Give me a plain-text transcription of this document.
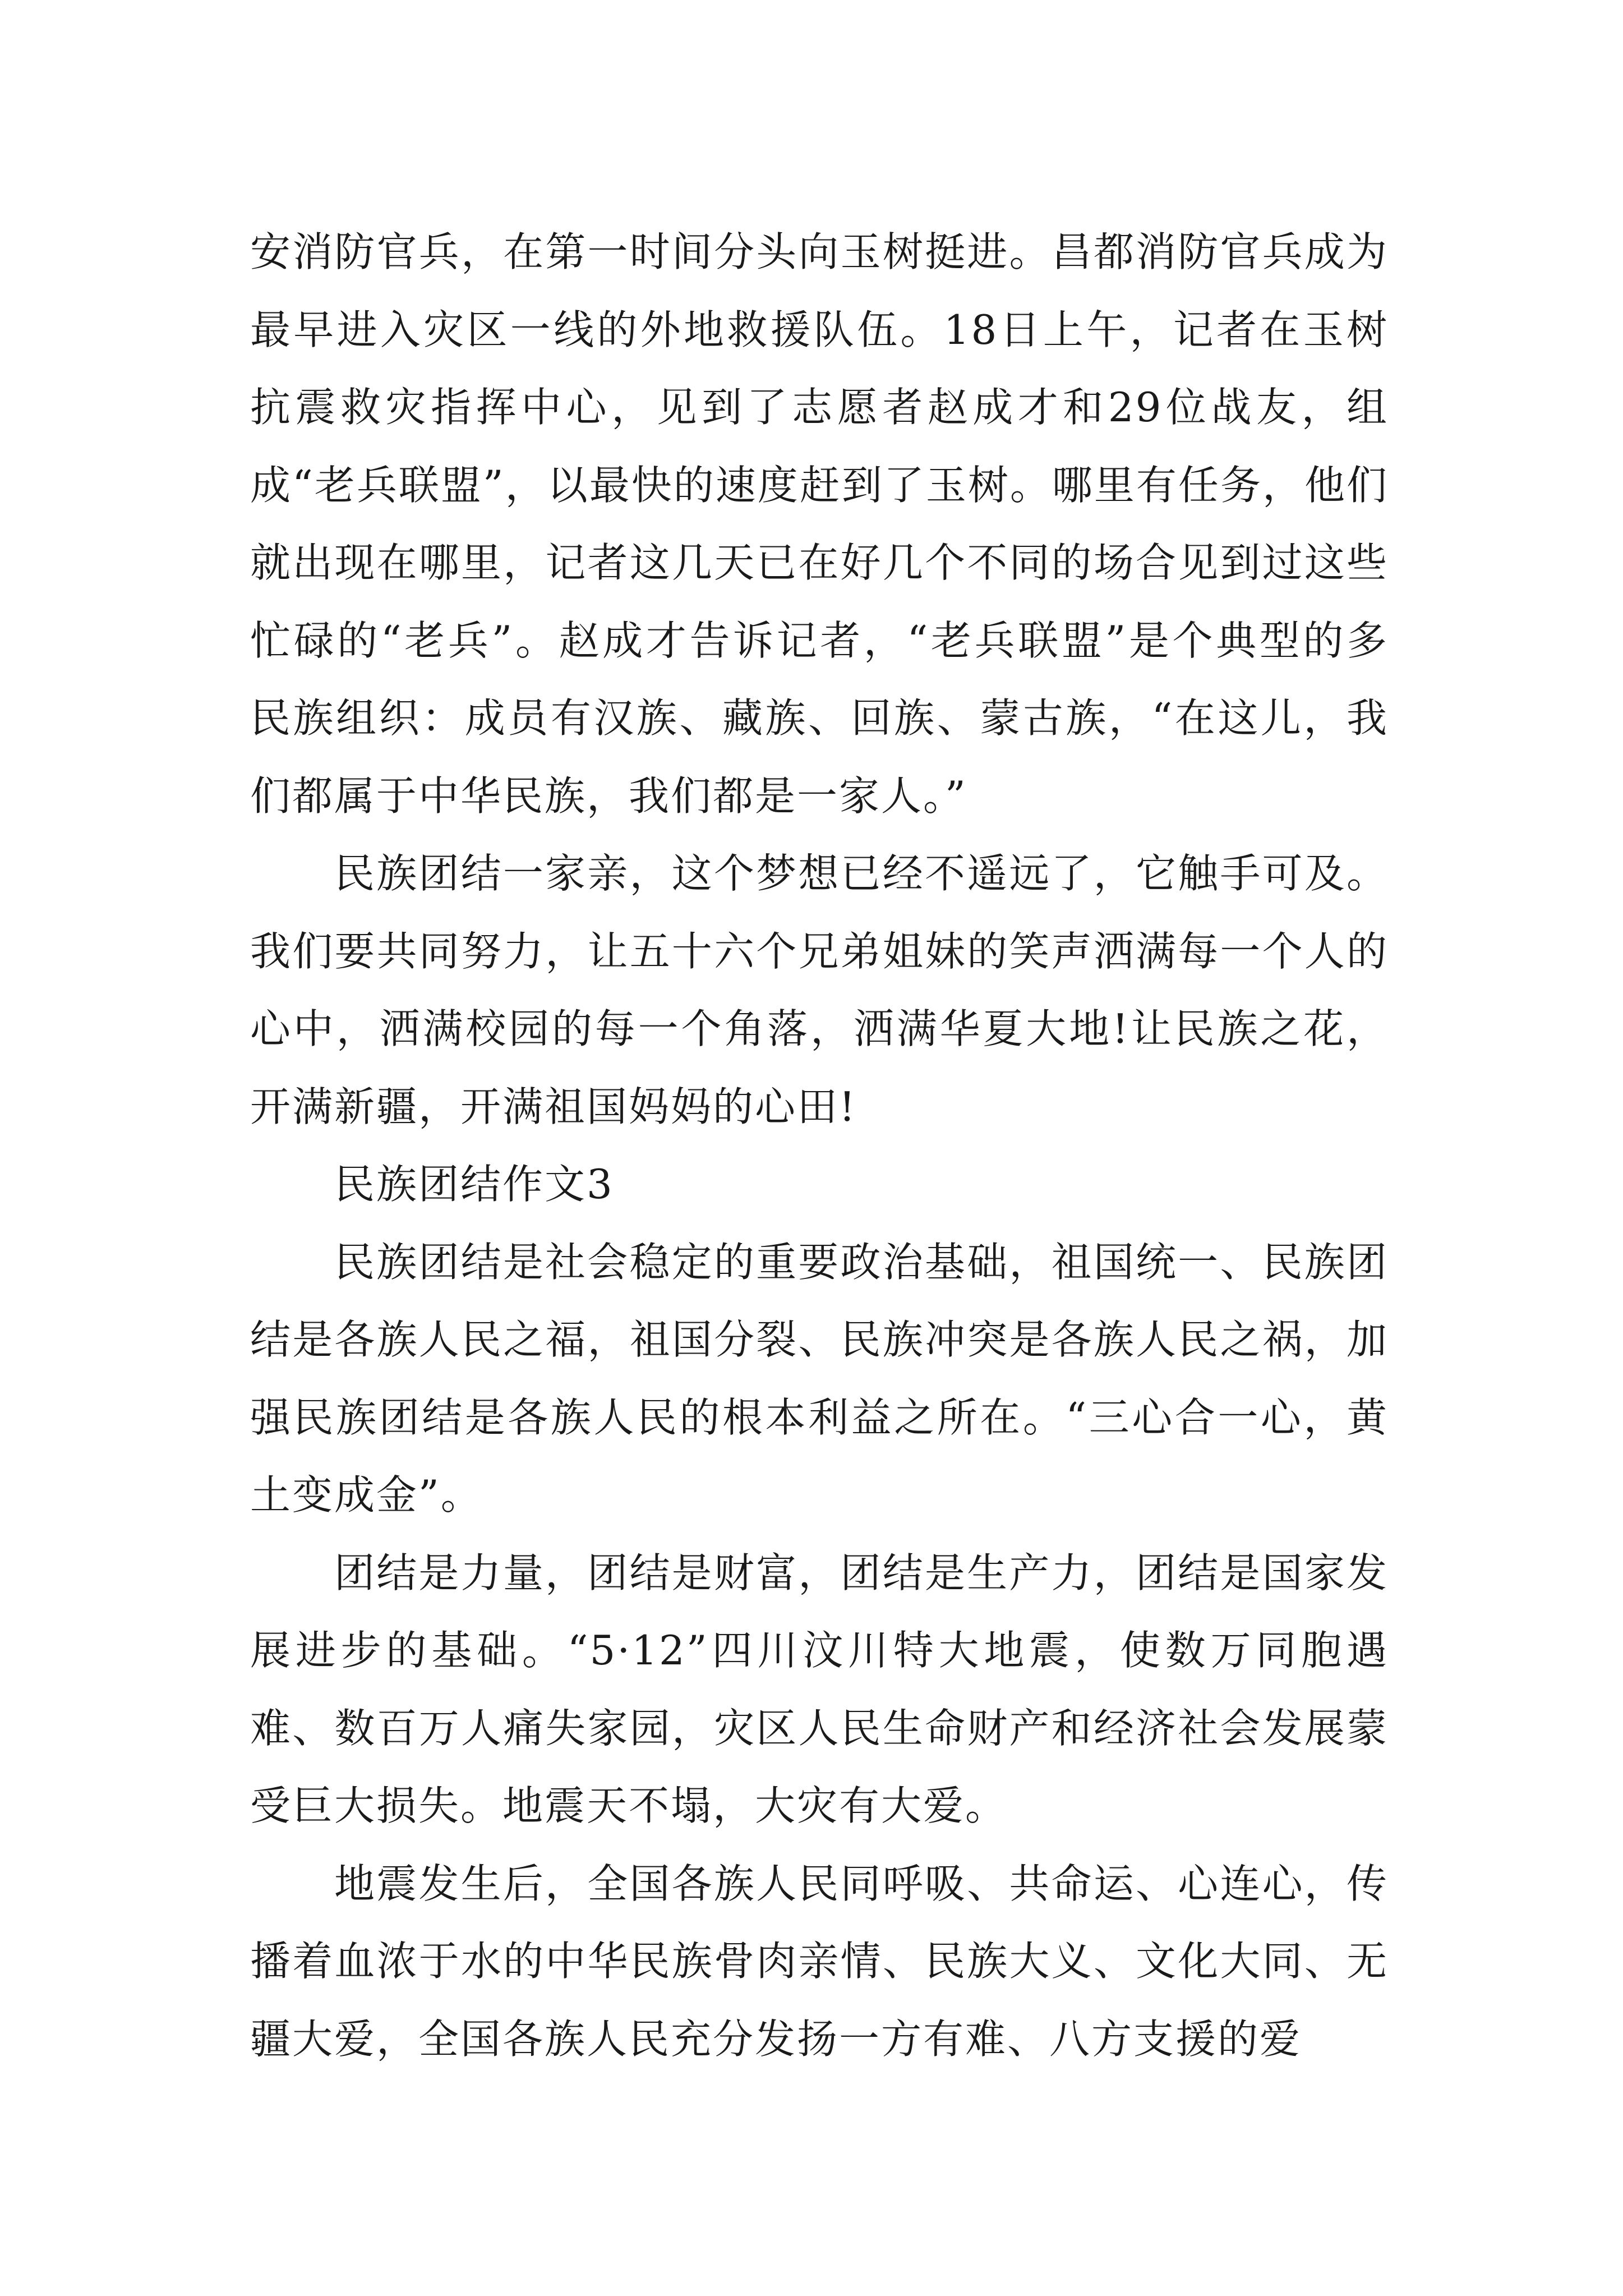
安消防官兵，在第一时间分头向玉树挺进。昌都消防官兵成为最早进入灾区一线的外地救援队伍。18日上午，记者在玉树抗震救灾指挥中心，见到了志愿者赵成才和29位战友，组成“老兵联盟”，以最快的速度赶到了玉树。哪里有任务，他们就出现在哪里，记者这几天已在好几个不同的场合见到过这些忙碌的“老兵”。赵成才告诉记者，“老兵联盟”是个典型的多民族组织：成员有汉族、藏族、回族、蒙古族，“在这儿，我们都属于中华民族，我们都是一家人。”

民族团结一家亲，这个梦想已经不遥远了，它触手可及。我们要共同努力，让五十六个兄弟姐妹的笑声洒满每一个人的心中，洒满校园的每一个角落，洒满华夏大地!让民族之花，开满新疆，开满祖国妈妈的心田!

民族团结作文3

民族团结是社会稳定的重要政治基础，祖国统一、民族团结是各族人民之福，祖国分裂、民族冲突是各族人民之祸，加强民族团结是各族人民的根本利益之所在。“三心合一心，黄土变成金”。

团结是力量，团结是财富，团结是生产力，团结是国家发展进步的基础。“5·12”四川汶川特大地震，使数万同胞遇难、数百万人痛失家园，灾区人民生命财产和经济社会发展蒙受巨大损失。地震天不塌，大灾有大爱。

地震发生后，全国各族人民同呼吸、共命运、心连心，传播着血浓于水的中华民族骨肉亲情、民族大义、文化大同、无疆大爱，全国各族人民充分发扬一方有难、八方支援的爱
